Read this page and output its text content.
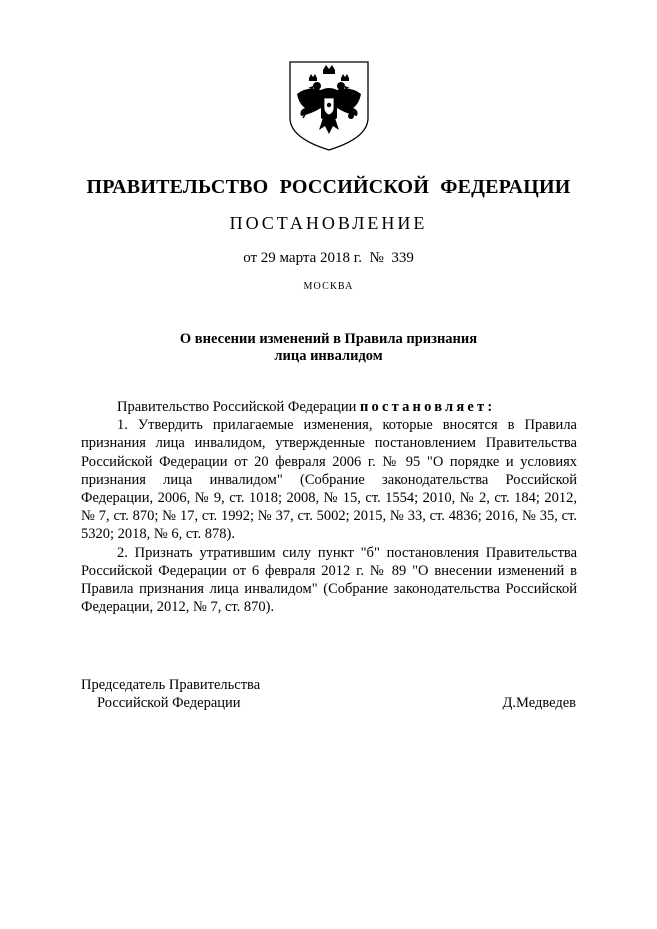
ПРАВИТЕЛЬСТВО РОССИЙСКОЙ ФЕДЕРАЦИИ
ПОСТАНОВЛЕНИЕ
от 29 марта 2018 г.  №  339
МОСКВА
О внесении изменений в Правила признания
лица инвалидом

Правительство Российской Федерации постановляет:

1. Утвердить прилагаемые изменения, которые вносятся в Правила признания лица инвалидом, утвержденные постановлением Правительства Российской Федерации от 20 февраля 2006 г. № 95 "О порядке и условиях признания лица инвалидом" (Собрание законодательства Российской Федерации, 2006, № 9, ст. 1018; 2008, № 15, ст. 1554; 2010, № 2, ст. 184; 2012, № 7, ст. 870; № 17, ст. 1992; № 37, ст. 5002; 2015, № 33, ст. 4836; 2016, № 35, ст. 5320; 2018, № 6, ст. 878).

2. Признать утратившим силу пункт "б" постановления Правительства Российской Федерации от 6 февраля 2012 г. № 89 "О внесении изменений в Правила признания лица инвалидом" (Собрание законодательства Российской Федерации, 2012, № 7, ст. 870).

Председатель Правительства
Российской Федерации	Д.Медведев
